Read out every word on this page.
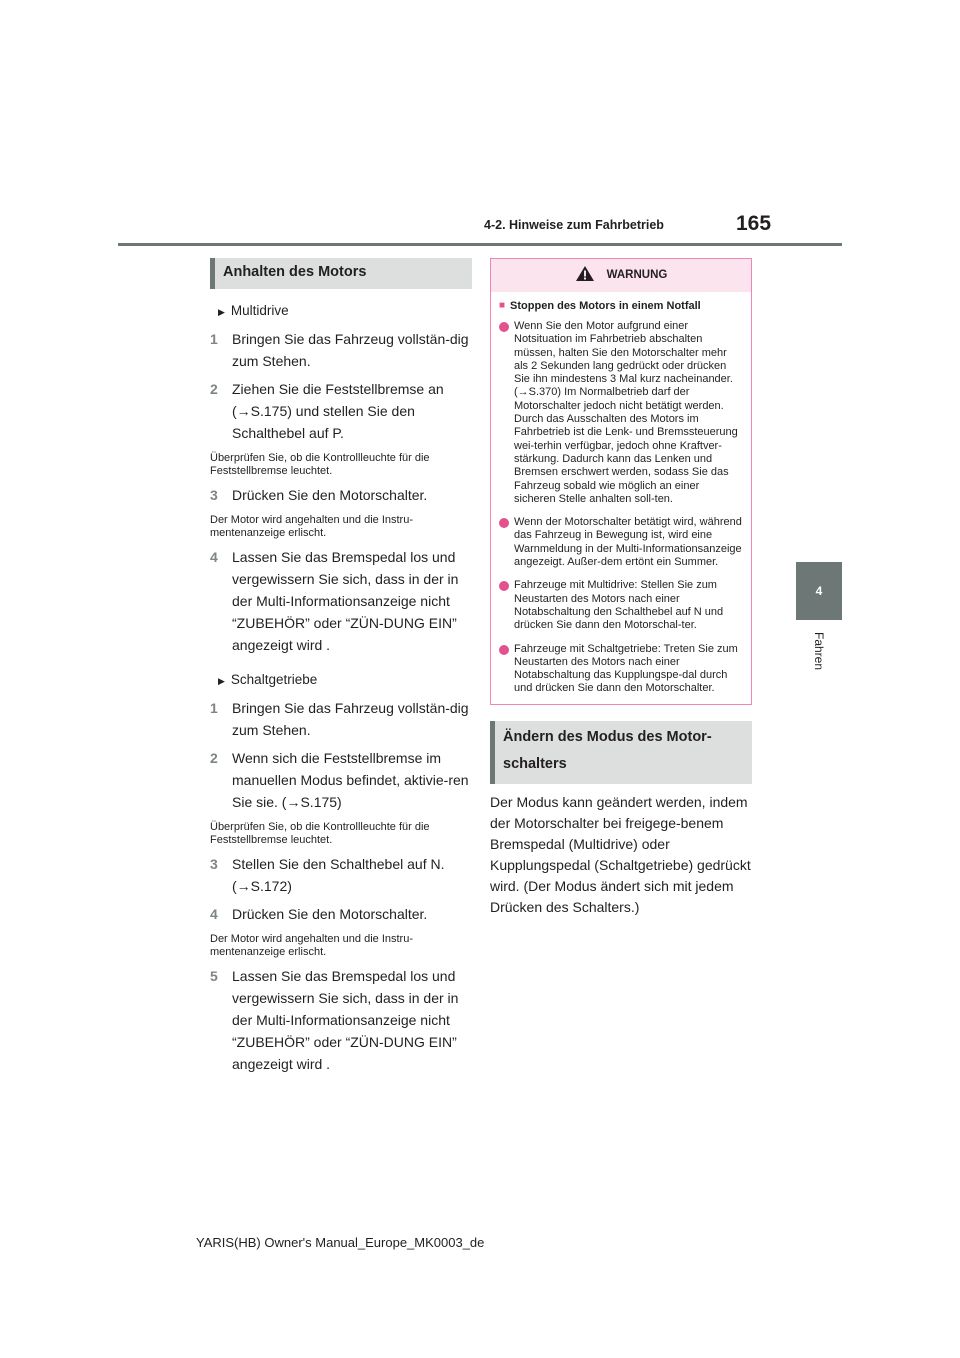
4-2. Hinweise zum Fahrbetrieb	165
4
Fahren
Anhalten des Motors
▶ Multidrive
1	Bringen Sie das Fahrzeug vollstän-dig zum Stehen.
2	Ziehen Sie die Feststellbremse an (→S.175) und stellen Sie den Schalthebel auf P.
Überprüfen Sie, ob die Kontrollleuchte für die Feststellbremse leuchtet.
3	Drücken Sie den Motorschalter.
Der Motor wird angehalten und die Instru-mentenanzeige erlischt.
4	Lassen Sie das Bremspedal los und vergewissern Sie sich, dass in der in der Multi-Informationsanzeige nicht “ZUBEHÖR” oder “ZÜN-DUNG EIN” angezeigt wird .
▶ Schaltgetriebe
1	Bringen Sie das Fahrzeug vollstän-dig zum Stehen.
2	Wenn sich die Feststellbremse im manuellen Modus befindet, aktivie-ren Sie sie. (→S.175)
Überprüfen Sie, ob die Kontrollleuchte für die Feststellbremse leuchtet.
3	Stellen Sie den Schalthebel auf N. (→S.172)
4	Drücken Sie den Motorschalter.
Der Motor wird angehalten und die Instru-mentenanzeige erlischt.
5	Lassen Sie das Bremspedal los und vergewissern Sie sich, dass in der in der Multi-Informationsanzeige nicht “ZUBEHÖR” oder “ZÜN-DUNG EIN” angezeigt wird .
WARNUNG
■ Stoppen des Motors in einem Notfall
Wenn Sie den Motor aufgrund einer Notsituation im Fahrbetrieb abschalten müssen, halten Sie den Motorschalter mehr als 2 Sekunden lang gedrückt oder drücken Sie ihn mindestens 3 Mal kurz nacheinander. (→S.370) Im Normalbetrieb darf der Motorschalter jedoch nicht betätigt werden. Durch das Ausschalten des Motors im Fahrbetrieb ist die Lenk- und Bremssteuerung wei-terhin verfügbar, jedoch ohne Kraftver-stärkung. Dadurch kann das Lenken und Bremsen erschwert werden, sodass Sie das Fahrzeug sobald wie möglich an einer sicheren Stelle anhalten soll-ten.
Wenn der Motorschalter betätigt wird, während das Fahrzeug in Bewegung ist, wird eine Warnmeldung in der Multi-Informationsanzeige angezeigt. Außer-dem ertönt ein Summer.
Fahrzeuge mit Multidrive: Stellen Sie zum Neustarten des Motors nach einer Notabschaltung den Schalthebel auf N und drücken Sie dann den Motorschal-ter.
Fahrzeuge mit Schaltgetriebe: Treten Sie zum Neustarten des Motors nach einer Notabschaltung das Kupplungspe-dal durch und drücken Sie dann den Motorschalter.
Ändern des Modus des Motor-schalters
Der Modus kann geändert werden, indem der Motorschalter bei freigege-benem Bremspedal (Multidrive) oder Kupplungspedal (Schaltgetriebe) gedrückt wird. (Der Modus ändert sich mit jedem Drücken des Schalters.)
YARIS(HB) Owner's Manual_Europe_MK0003_de
